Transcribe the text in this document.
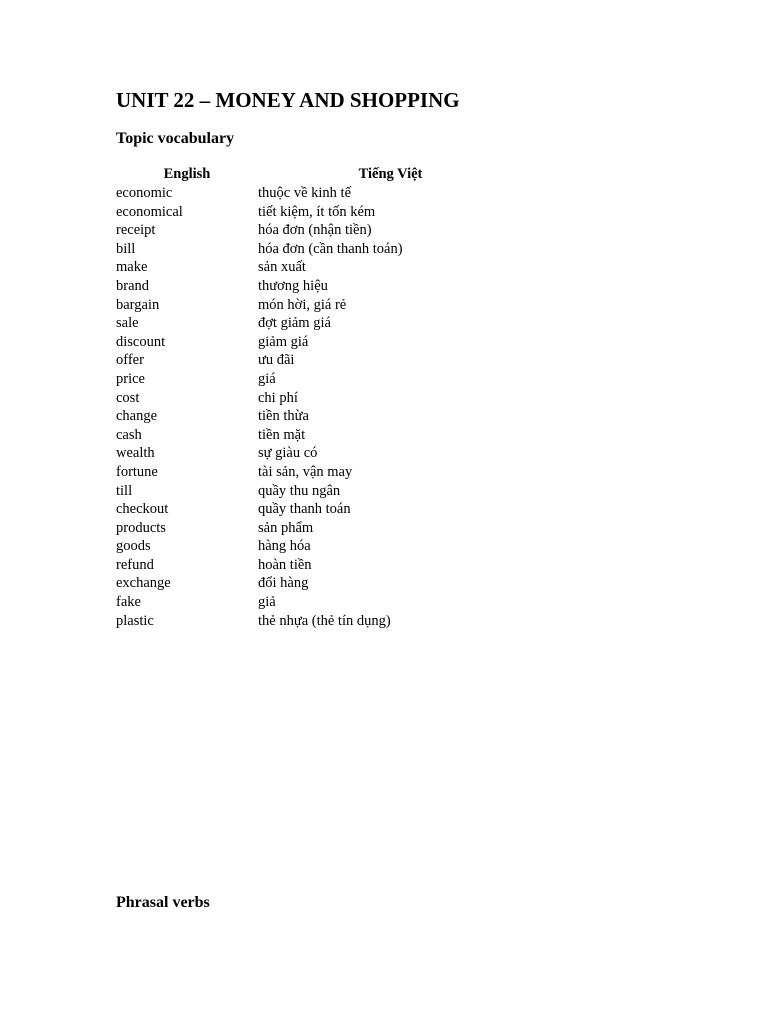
UNIT 22 – MONEY AND SHOPPING
Topic vocabulary
English	Tiếng Việt
economic	thuộc về kinh tế
economical	tiết kiệm, ít tốn kém
receipt	hóa đơn (nhận tiền)
bill	hóa đơn (cần thanh toán)
make	sản xuất
brand	thương hiệu
bargain	món hời, giá rẻ
sale	đợt giảm giá
discount	giảm giá
offer	ưu đãi
price	giá
cost	chi phí
change	tiền thừa
cash	tiền mặt
wealth	sự giàu có
fortune	tài sản, vận may
till	quầy thu ngân
checkout	quầy thanh toán
products	sản phẩm
goods	hàng hóa
refund	hoàn tiền
exchange	đổi hàng
fake	giả
plastic	thẻ nhựa (thẻ tín dụng)
Phrasal verbs
